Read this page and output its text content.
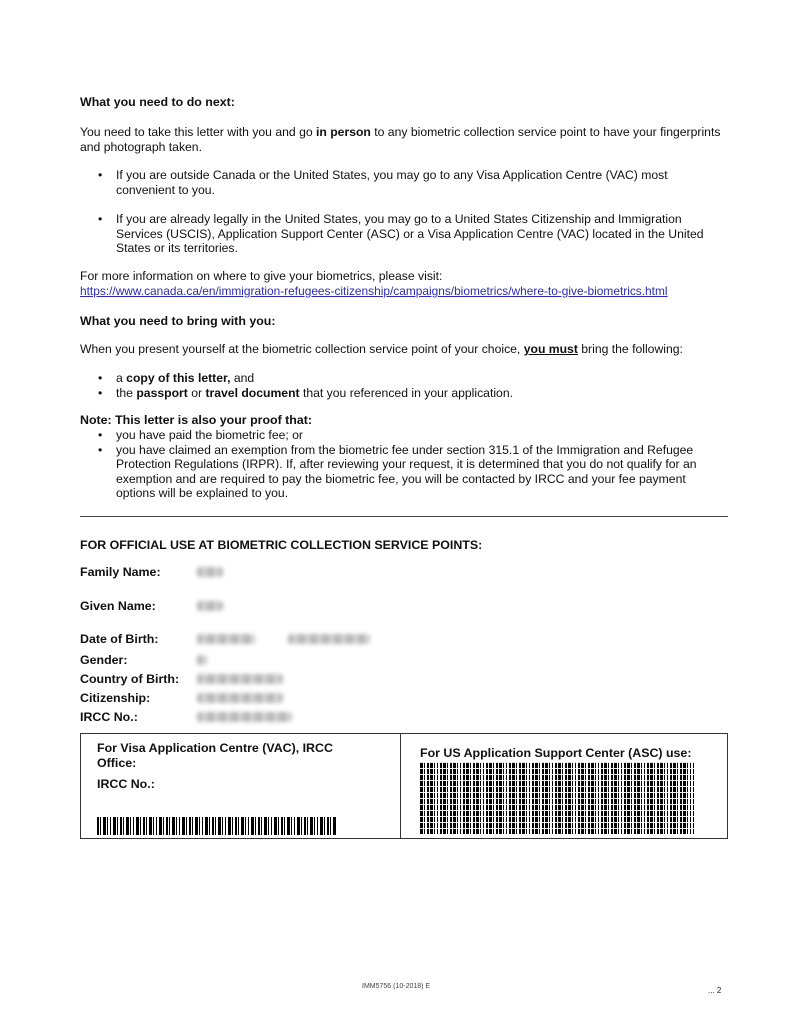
What you need to do next:
You need to take this letter with you and go in person to any biometric collection service point to have your fingerprints and photograph taken.
• If you are outside Canada or the United States, you may go to any Visa Application Centre (VAC) most convenient to you.
• If you are already legally in the United States, you may go to a United States Citizenship and Immigration Services (USCIS), Application Support Center (ASC) or a Visa Application Centre (VAC) located in the United States or its territories.
For more information on where to give your biometrics, please visit:
https://www.canada.ca/en/immigration-refugees-citizenship/campaigns/biometrics/where-to-give-biometrics.html
What you need to bring with you:
When you present yourself at the biometric collection service point of your choice, you must bring the following:
• a copy of this letter, and
• the passport or travel document that you referenced in your application.
Note: This letter is also your proof that:
• you have paid the biometric fee; or
• you have claimed an exemption from the biometric fee under section 315.1 of the Immigration and Refugee Protection Regulations (IRPR). If, after reviewing your request, it is determined that you do not qualify for an exemption and are required to pay the biometric fee, you will be contacted by IRCC and your fee payment options will be explained to you.
FOR OFFICIAL USE AT BIOMETRIC COLLECTION SERVICE POINTS:
Family Name:
Given Name:
Date of Birth:
Gender:
Country of Birth:
Citizenship:
IRCC No.:
For Visa Application Centre (VAC), IRCC Office:
IRCC No.:
For US Application Support Center (ASC) use:
IMM5756 (10-2018) E	... 2
